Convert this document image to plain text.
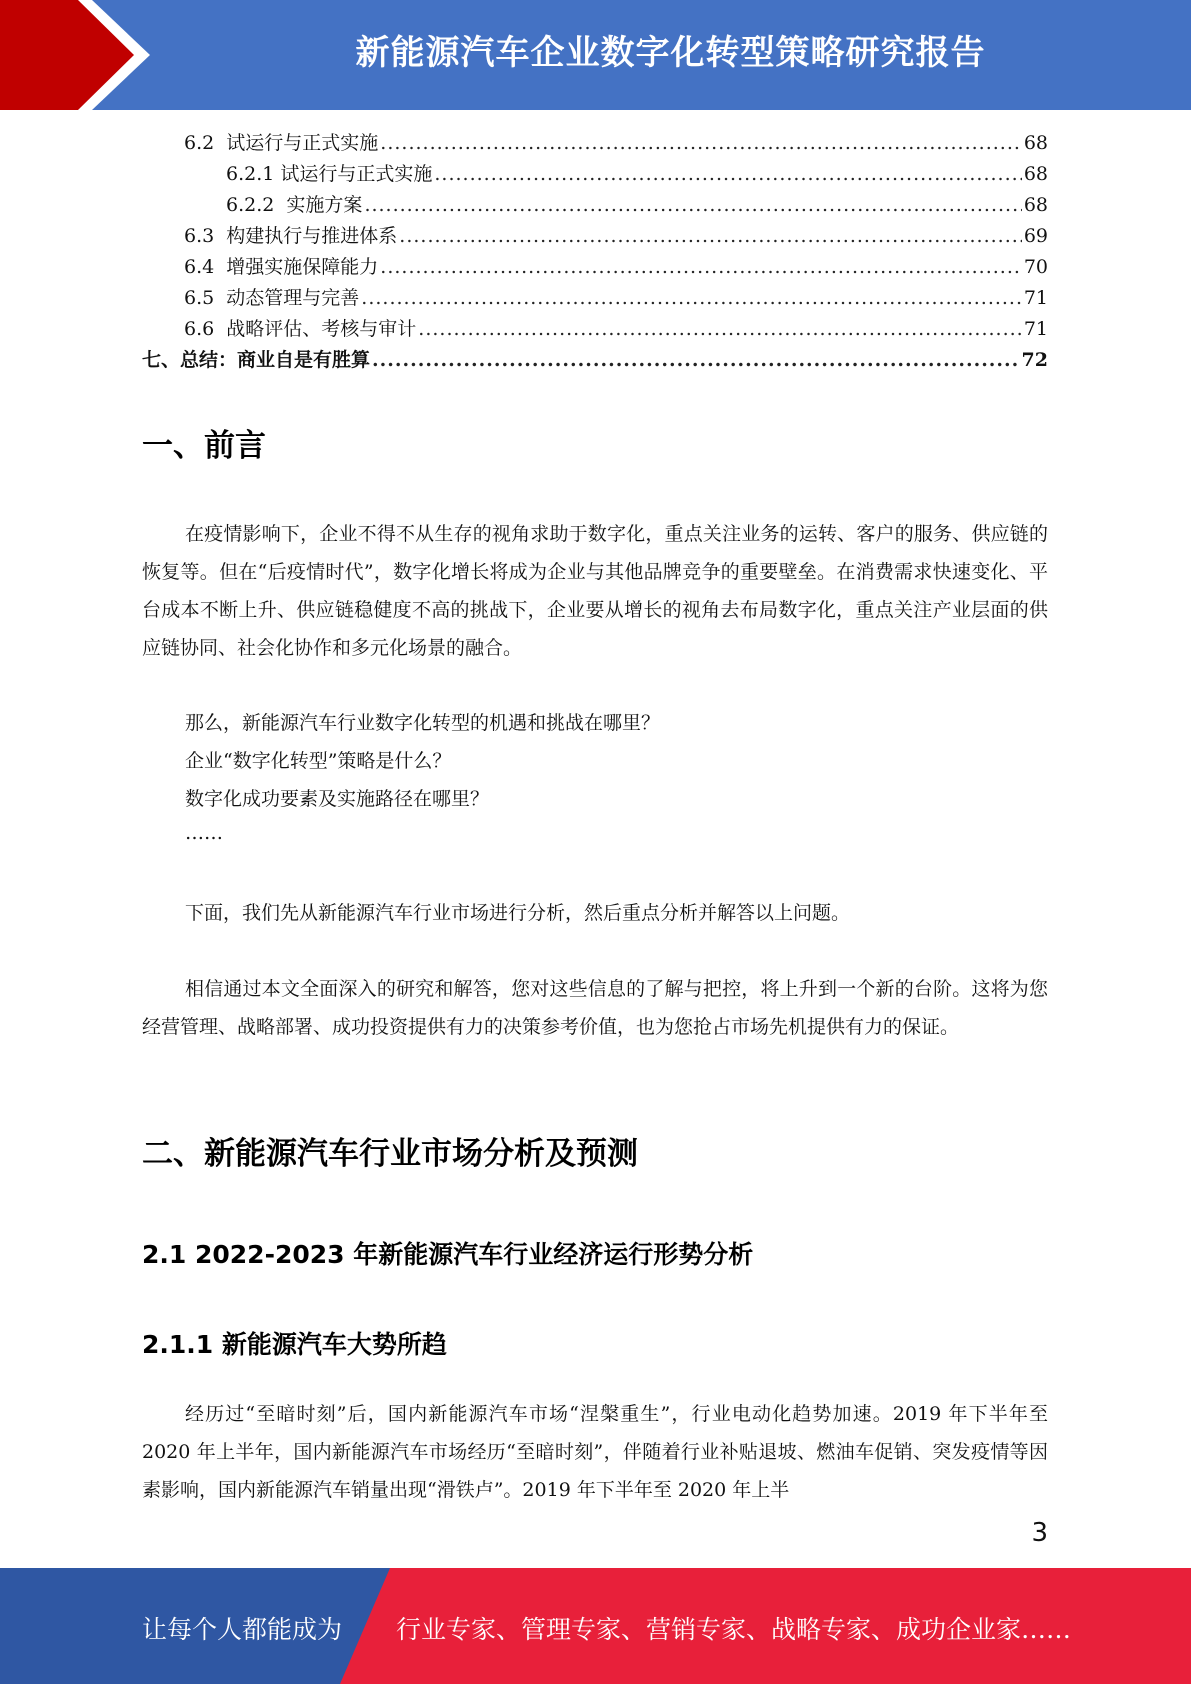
新能源汽车企业数字化转型策略研究报告
6.2  试运行与正式实施 .....	68
6.2.1 试运行与正式实施 .....	68
6.2.2  实施方案 .....	68
6.3  构建执行与推进体系 .....	69
6.4  增强实施保障能力 .....	70
6.5  动态管理与完善 .....	71
6.6  战略评估、考核与审计 .....	71
七、总结：商业自是有胜算 .....	72
一、前言
在疫情影响下，企业不得不从生存的视角求助于数字化，重点关注业务的运转、客户的服务、供应链的恢复等。但在“后疫情时代”，数字化增长将成为企业与其他品牌竞争的重要壁垒。在消费需求快速变化、平台成本不断上升、供应链稳健度不高的挑战下，企业要从增长的视角去布局数字化，重点关注产业层面的供应链协同、社会化协作和多元化场景的融合。
那么，新能源汽车行业数字化转型的机遇和挑战在哪里？
企业“数字化转型”策略是什么？
数字化成功要素及实施路径在哪里？
……
下面，我们先从新能源汽车行业市场进行分析，然后重点分析并解答以上问题。
相信通过本文全面深入的研究和解答，您对这些信息的了解与把控，将上升到一个新的台阶。这将为您经营管理、战略部署、成功投资提供有力的决策参考价值，也为您抢占市场先机提供有力的保证。
二、新能源汽车行业市场分析及预测
2.1 2022-2023 年新能源汽车行业经济运行形势分析
2.1.1 新能源汽车大势所趋
经历过“至暗时刻”后，国内新能源汽车市场“涅槃重生”，行业电动化趋势加速。2019 年下半年至 2020 年上半年，国内新能源汽车市场经历“至暗时刻”，伴随着行业补贴退坡、燃油车促销、突发疫情等因素影响，国内新能源汽车销量出现“滑铁卢”。2019 年下半年至 2020 年上半
3
让每个人都能成为 行业专家、管理专家、营销专家、战略专家、成功企业家……
